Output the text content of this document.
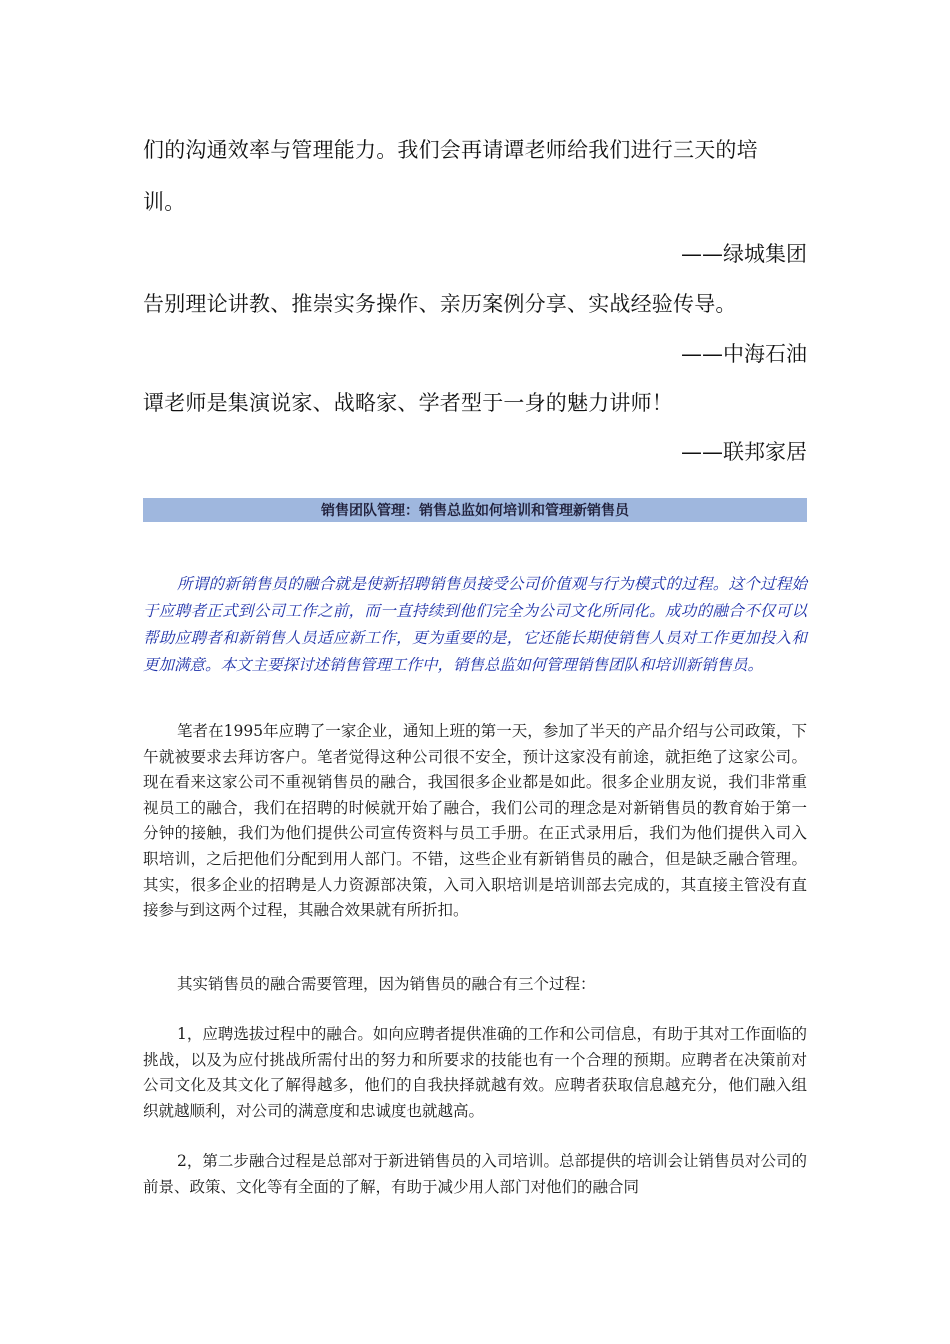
们的沟通效率与管理能力。我们会再请谭老师给我们进行三天的培

训。

——绿城集团

告别理论讲教、推崇实务操作、亲历案例分享、实战经验传导。

——中海石油

谭老师是集演说家、战略家、学者型于一身的魅力讲师！

——联邦家居

销售团队管理：销售总监如何培训和管理新销售员

所谓的新销售员的融合就是使新招聘销售员接受公司价值观与行为模式的过程。这个过程始于应聘者正式到公司工作之前，而一直持续到他们完全为公司文化所同化。成功的融合不仅可以帮助应聘者和新销售人员适应新工作，更为重要的是，它还能长期使销售人员对工作更加投入和更加满意。本文主要探讨述销售管理工作中，销售总监如何管理销售团队和培训新销售员。

笔者在1995年应聘了一家企业，通知上班的第一天，参加了半天的产品介绍与公司政策，下午就被要求去拜访客户。笔者觉得这种公司很不安全，预计这家没有前途，就拒绝了这家公司。现在看来这家公司不重视销售员的融合，我国很多企业都是如此。很多企业朋友说，我们非常重视员工的融合，我们在招聘的时候就开始了融合，我们公司的理念是对新销售员的教育始于第一分钟的接触，我们为他们提供公司宣传资料与员工手册。在正式录用后，我们为他们提供入司入职培训，之后把他们分配到用人部门。不错，这些企业有新销售员的融合，但是缺乏融合管理。其实，很多企业的招聘是人力资源部决策，入司入职培训是培训部去完成的，其直接主管没有直接参与到这两个过程，其融合效果就有所折扣。

其实销售员的融合需要管理，因为销售员的融合有三个过程：

1，应聘选拔过程中的融合。如向应聘者提供准确的工作和公司信息，有助于其对工作面临的挑战，以及为应付挑战所需付出的努力和所要求的技能也有一个合理的预期。应聘者在决策前对公司文化及其文化了解得越多，他们的自我抉择就越有效。应聘者获取信息越充分，他们融入组织就越顺利，对公司的满意度和忠诚度也就越高。

2，第二步融合过程是总部对于新进销售员的入司培训。总部提供的培训会让销售员对公司的前景、政策、文化等有全面的了解，有助于减少用人部门对他们的融合同
